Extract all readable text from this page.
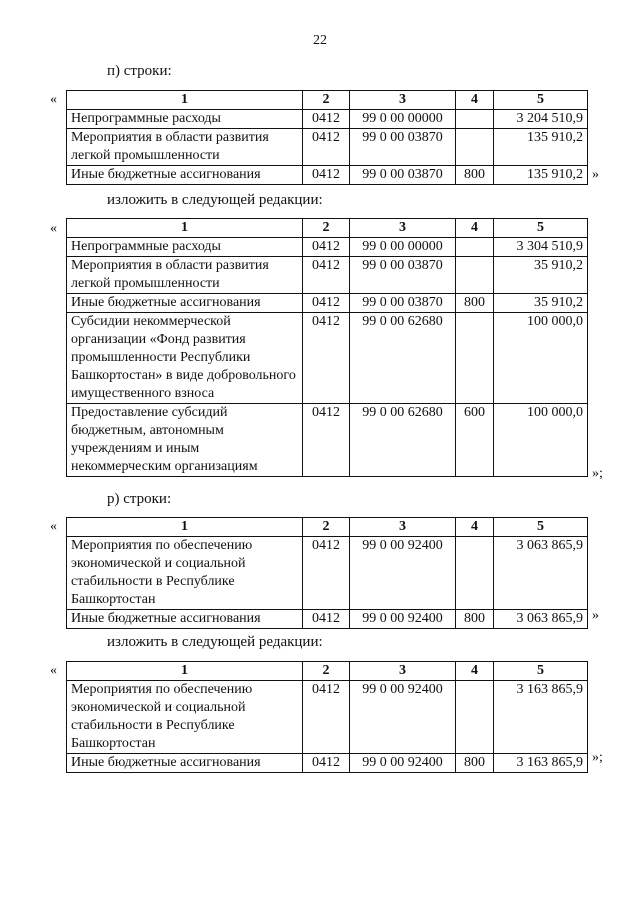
22
п) строки:
«	1	2	3	4	5
Непрограммные расходы	0412	99 0 00 00000		3 204 510,9
Мероприятия в области развития легкой промышленности	0412	99 0 00 03870		135 910,2
Иные бюджетные ассигнования	0412	99 0 00 03870	800	135 910,2 »
изложить в следующей редакции:
«	1	2	3	4	5
Непрограммные расходы	0412	99 0 00 00000		3 304 510,9
Мероприятия в области развития легкой промышленности	0412	99 0 00 03870		35 910,2
Иные бюджетные ассигнования	0412	99 0 00 03870	800	35 910,2
Субсидии некоммерческой организации «Фонд развития промышленности Республики Башкортостан» в виде добровольного имущественного взноса	0412	99 0 00 62680		100 000,0
Предоставление субсидий бюджетным, автономным учреждениям и иным некоммерческим организациям	0412	99 0 00 62680	600	100 000,0
»;
р) строки:
«	1	2	3	4	5
Мероприятия по обеспечению экономической и социальной стабильности в Республике Башкортостан	0412	99 0 00 92400		3 063 865,9
Иные бюджетные ассигнования	0412	99 0 00 92400	800	3 063 865,9 »
изложить в следующей редакции:
«	1	2	3	4	5
Мероприятия по обеспечению экономической и социальной стабильности в Республике Башкортостан	0412	99 0 00 92400		3 163 865,9
Иные бюджетные ассигнования	0412	99 0 00 92400	800	3 163 865,9 »;
